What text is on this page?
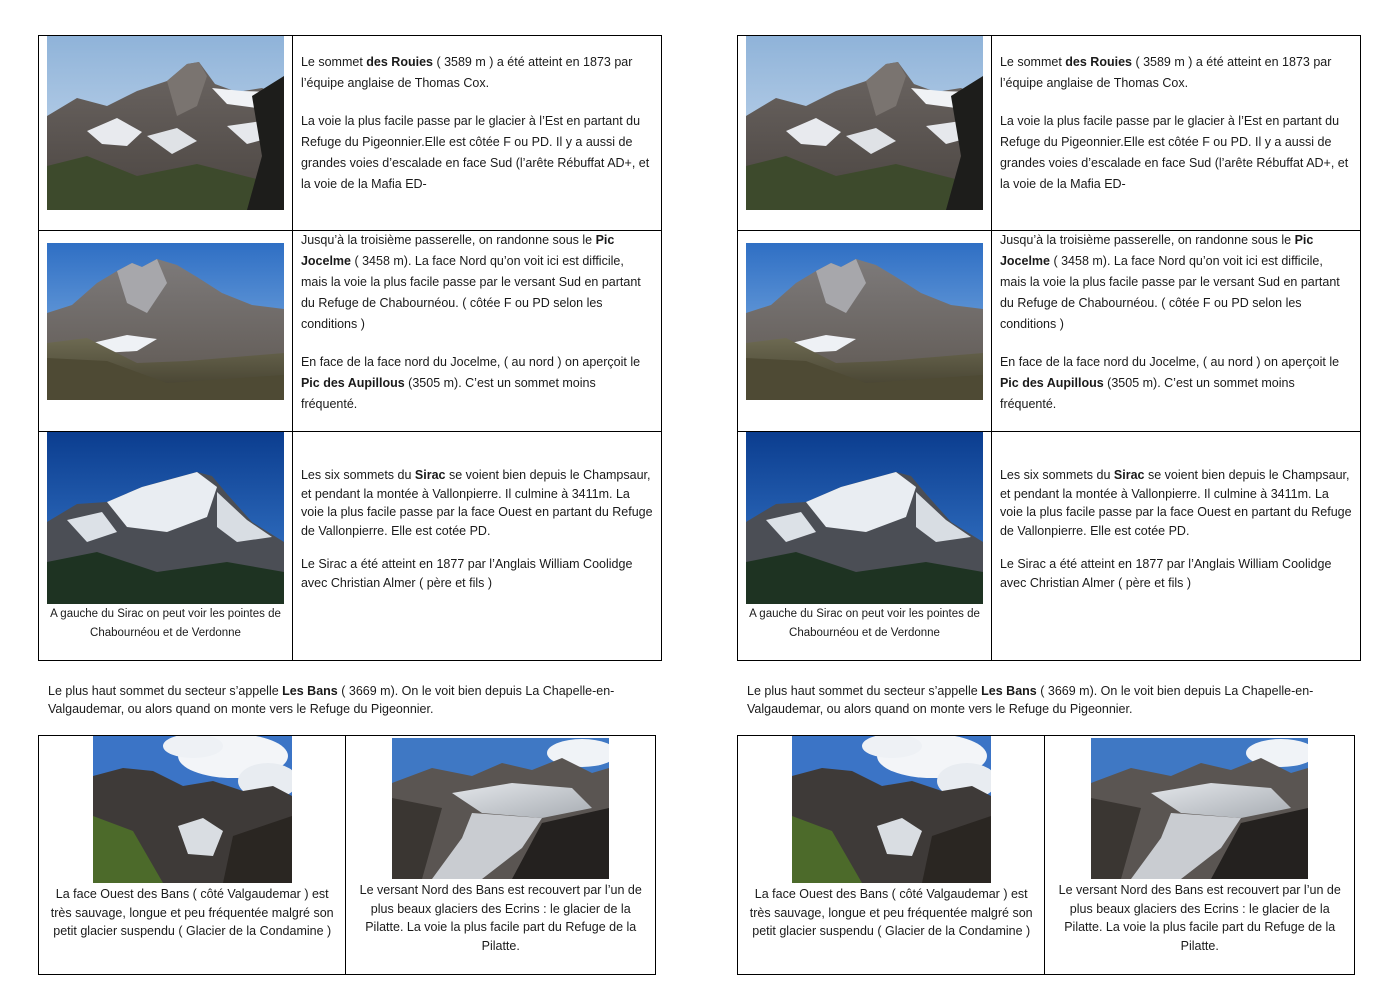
Le sommet des Rouies ( 3589 m ) a été atteint en 1873 par l’équipe anglaise de Thomas Cox.

La voie la plus facile passe par le glacier à l’Est en partant du Refuge du Pigeonnier.Elle est côtée F ou PD. Il y a aussi de grandes voies d’escalade en face Sud (l’arête Rébuffat AD+, et la voie de la Mafia ED-

Jusqu’à la troisième passerelle, on randonne sous le Pic Jocelme ( 3458 m). La face Nord qu’on voit ici est difficile, mais la voie la plus facile passe par le versant Sud en partant du Refuge de Chabournéou. ( côtée F ou PD selon les conditions )

En face de la face nord du Jocelme, ( au nord ) on aperçoit le Pic des Aupillous (3505 m). C’est un sommet moins fréquenté.

A gauche du Sirac on peut voir les pointes de Chabournéou et de Verdonne	Les six sommets du Sirac se voient bien depuis le Champsaur, et pendant la montée à Vallonpierre. Il culmine à 3411m. La voie la plus facile passe par la face Ouest en partant du Refuge de Vallonpierre. Elle est cotée PD.

Le Sirac a été atteint en 1877 par l’Anglais William Coolidge avec Christian Almer ( père et fils )

Le plus haut sommet du secteur s’appelle Les Bans ( 3669 m). On le voit bien depuis La Chapelle-en-Valgaudemar, ou alors quand on monte vers le Refuge du Pigeonnier.
La face Ouest des Bans ( côté Valgaudemar ) est très sauvage, longue et peu fréquentée malgré son petit glacier suspendu ( Glacier de la Condamine )

Le versant Nord des Bans est recouvert par l’un de plus beaux glaciers des Ecrins : le glacier de la Pilatte. La voie la plus facile part du Refuge de la Pilatte.

Le sommet des Rouies ( 3589 m ) a été atteint en 1873 par l’équipe anglaise de Thomas Cox.

La voie la plus facile passe par le glacier à l’Est en partant du Refuge du Pigeonnier.Elle est côtée F ou PD. Il y a aussi de grandes voies d’escalade en face Sud (l’arête Rébuffat AD+, et la voie de la Mafia ED-

Jusqu’à la troisième passerelle, on randonne sous le Pic Jocelme ( 3458 m). La face Nord qu’on voit ici est difficile, mais la voie la plus facile passe par le versant Sud en partant du Refuge de Chabournéou. ( côtée F ou PD selon les conditions )

En face de la face nord du Jocelme, ( au nord ) on aperçoit le Pic des Aupillous (3505 m). C’est un sommet moins fréquenté.

A gauche du Sirac on peut voir les pointes de Chabournéou et de Verdonne	Les six sommets du Sirac se voient bien depuis le Champsaur, et pendant la montée à Vallonpierre. Il culmine à 3411m. La voie la plus facile passe par la face Ouest en partant du Refuge de Vallonpierre. Elle est cotée PD.

Le Sirac a été atteint en 1877 par l’Anglais William Coolidge avec Christian Almer ( père et fils )

Le plus haut sommet du secteur s’appelle Les Bans ( 3669 m). On le voit bien depuis La Chapelle-en-Valgaudemar, ou alors quand on monte vers le Refuge du Pigeonnier.
La face Ouest des Bans ( côté Valgaudemar ) est très sauvage, longue et peu fréquentée malgré son petit glacier suspendu ( Glacier de la Condamine )

Le versant Nord des Bans est recouvert par l’un de plus beaux glaciers des Ecrins : le glacier de la Pilatte. La voie la plus facile part du Refuge de la Pilatte.
